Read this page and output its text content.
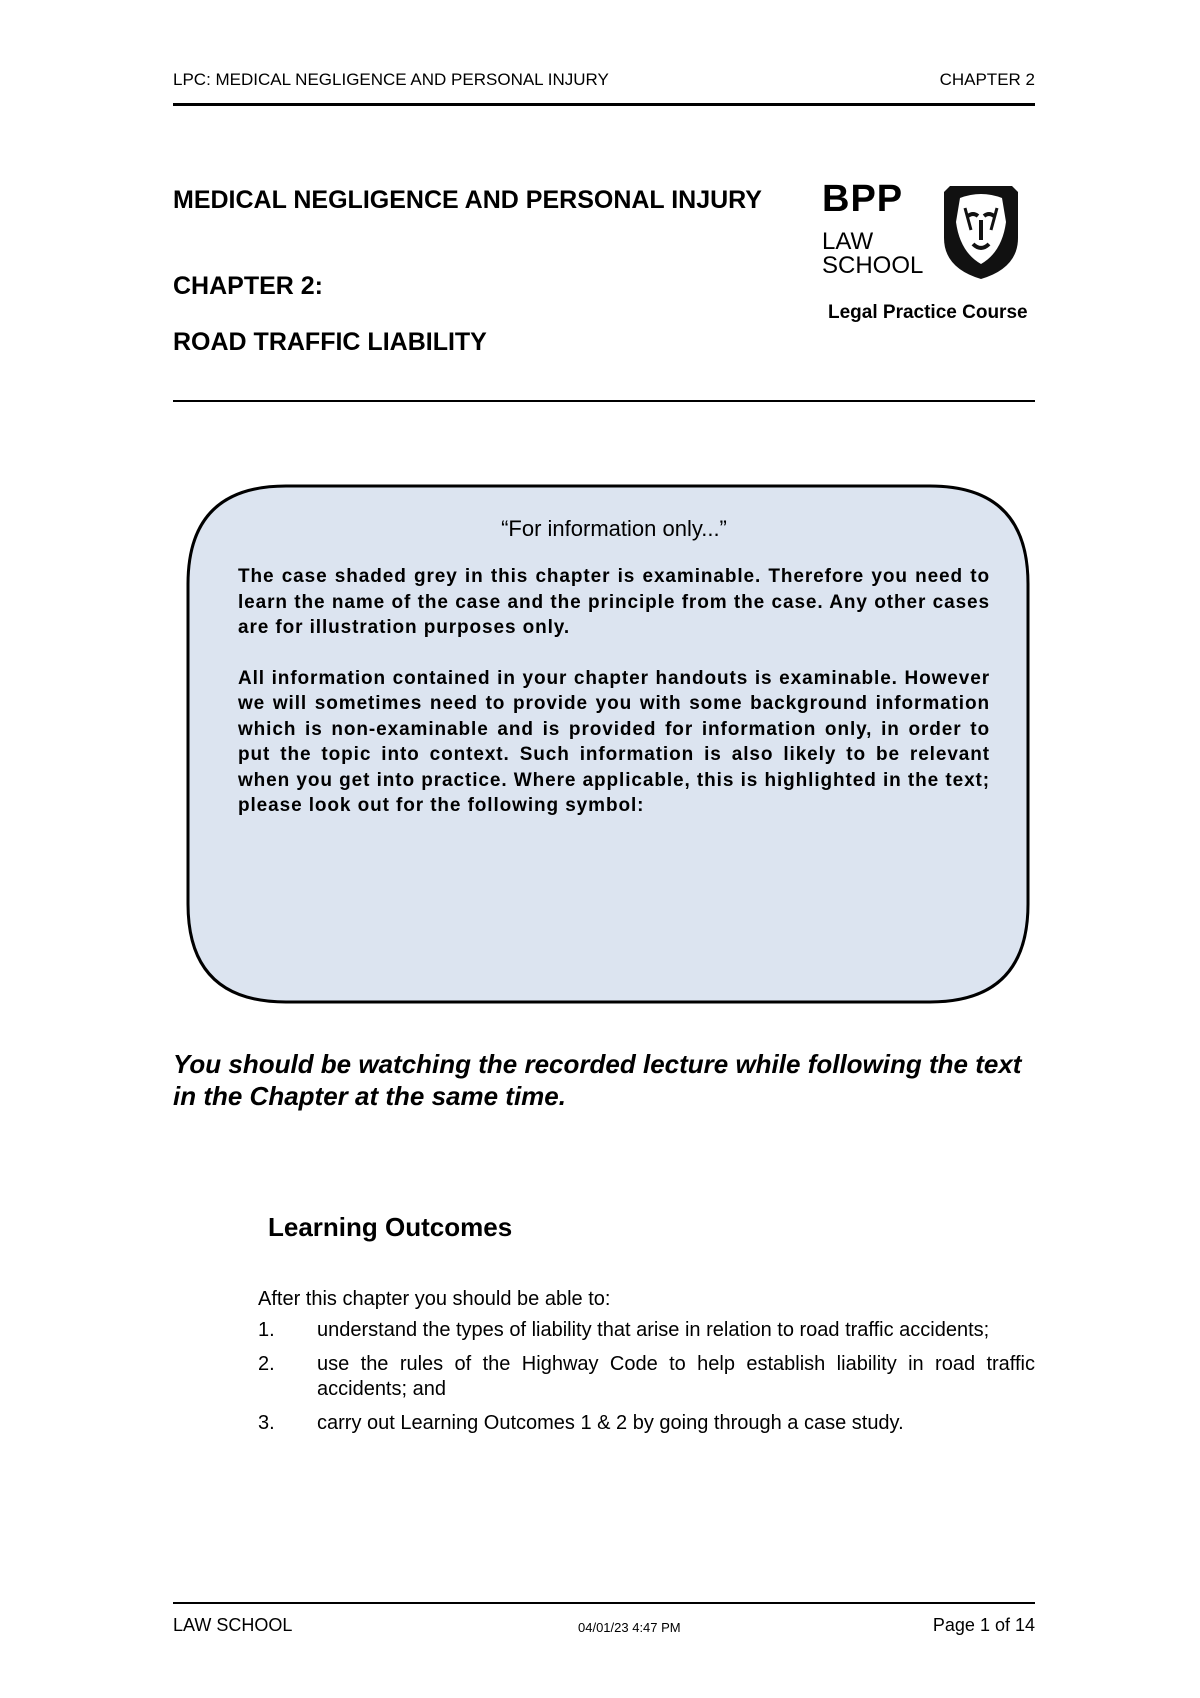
LPC: MEDICAL NEGLIGENCE AND PERSONAL INJURY	CHAPTER 2

MEDICAL NEGLIGENCE AND PERSONAL INJURY

CHAPTER 2:
ROAD TRAFFIC LIABILITY
BPP
LAW
SCHOOL
Legal Practice Course

“For information only...”

The case shaded grey in this chapter is examinable. Therefore you need to learn the name of the case and the principle from the case. Any other cases are for illustration purposes only.

All information contained in your chapter handouts is examinable. However we will sometimes need to provide you with some background information which is non-examinable and is provided for information only, in order to put the topic into context. Such information is also likely to be relevant when you get into practice. Where applicable, this is highlighted in the text; please look out for the following symbol:

You should be watching the recorded lecture while following the text in the Chapter at the same time.

Learning Outcomes

After this chapter you should be able to:

1. understand the types of liability that arise in relation to road traffic accidents;
2. use the rules of the Highway Code to help establish liability in road traffic accidents; and
3. carry out Learning Outcomes 1 & 2 by going through a case study.
LAW SCHOOL	04/01/23 4:47 PM	Page 1 of 14
